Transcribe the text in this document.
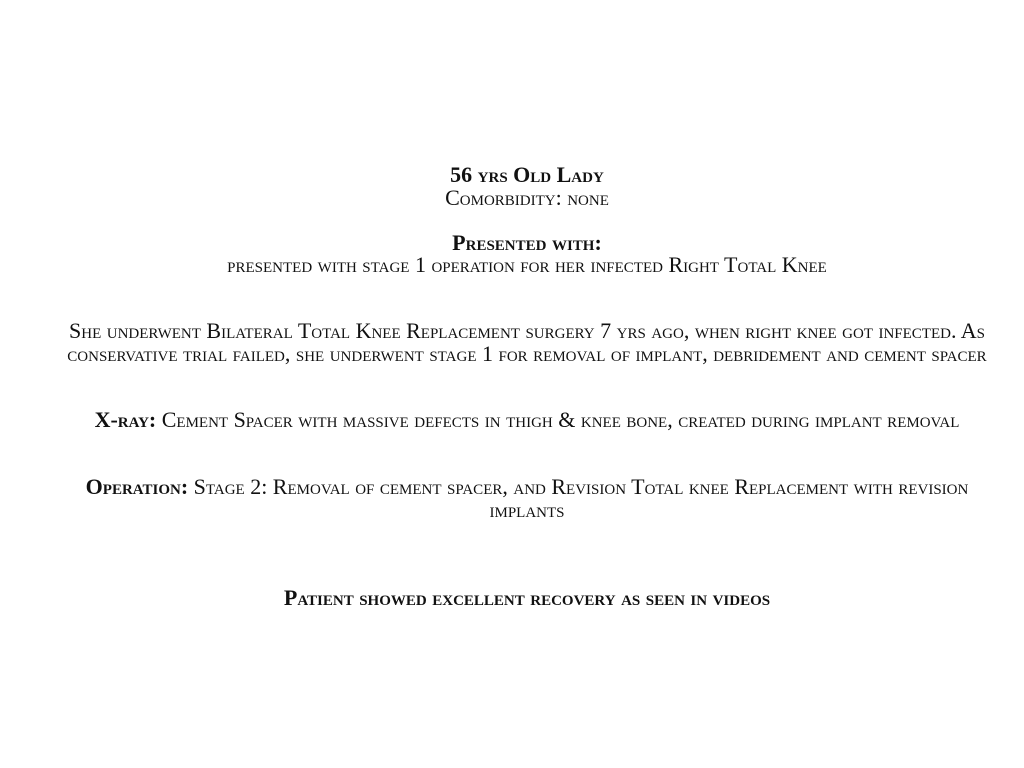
56 yrs Old Lady
Comorbidity: none
Presented with:
presented with stage 1 operation for her infected Right Total Knee
She underwent Bilateral Total Knee Replacement surgery 7 yrs ago, when right knee got infected. As conservative trial failed, she underwent stage 1 for removal of implant, debridement and cement spacer
X-ray: Cement Spacer with massive defects in thigh & knee bone, created during implant removal
Operation: Stage 2: Removal of cement spacer, and Revision Total knee Replacement with revision implants
Patient showed excellent recovery as seen in videos
